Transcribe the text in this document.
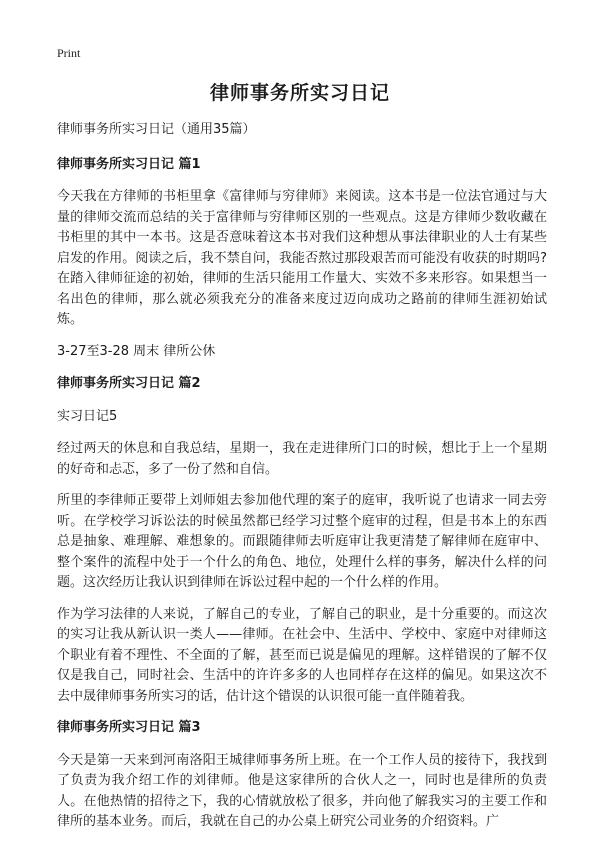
Print
律师事务所实习日记

律师事务所实习日记（通用35篇）

律师事务所实习日记 篇1

今天我在方律师的书柜里拿《富律师与穷律师》来阅读。这本书是一位法官通过与大量的律师交流而总结的关于富律师与穷律师区别的一些观点。这是方律师少数收藏在书柜里的其中一本书。这是否意味着这本书对我们这种想从事法律职业的人士有某些启发的作用。阅读之后，我不禁自问，我能否熬过那段艰苦而可能没有收获的时期吗?在踏入律师征途的初始，律师的生活只能用工作量大、实效不多来形容。如果想当一名出色的律师，那么就必须我充分的准备来度过迈向成功之路前的律师生涯初始试炼。

3-27至3-28 周末 律所公休

律师事务所实习日记 篇2

实习日记5

经过两天的休息和自我总结，星期一，我在走进律所门口的时候，想比于上一个星期的好奇和忐忑，多了一份了然和自信。

所里的李律师正要带上刘师姐去参加他代理的案子的庭审，我听说了也请求一同去旁听。在学校学习诉讼法的时候虽然都已经学习过整个庭审的过程，但是书本上的东西总是抽象、难理解、难想象的。而跟随律师去听庭审让我更清楚了解律师在庭审中、整个案件的流程中处于一个什么的角色、地位，处理什么样的事务，解决什么样的问题。这次经历让我认识到律师在诉讼过程中起的一个什么样的作用。

作为学习法律的人来说，了解自己的专业，了解自己的职业，是十分重要的。而这次的实习让我从新认识一类人——律师。在社会中、生活中、学校中、家庭中对律师这个职业有着不理性、不全面的了解，甚至而已说是偏见的理解。这样错误的了解不仅仅是我自己，同时社会、生活中的许许多多的人也同样存在这样的偏见。如果这次不去中晟律师事务所实习的话，估计这个错误的认识很可能一直伴随着我。

律师事务所实习日记 篇3

今天是第一天来到河南洛阳王城律师事务所上班。在一个工作人员的接待下，我找到了负责为我介绍工作的刘律师。他是这家律所的合伙人之一，同时也是律所的负责人。在他热情的招待之下，我的心情就放松了很多，并向他了解我实习的主要工作和律所的基本业务。而后，我就在自己的办公桌上研究公司业务的介绍资料。广
